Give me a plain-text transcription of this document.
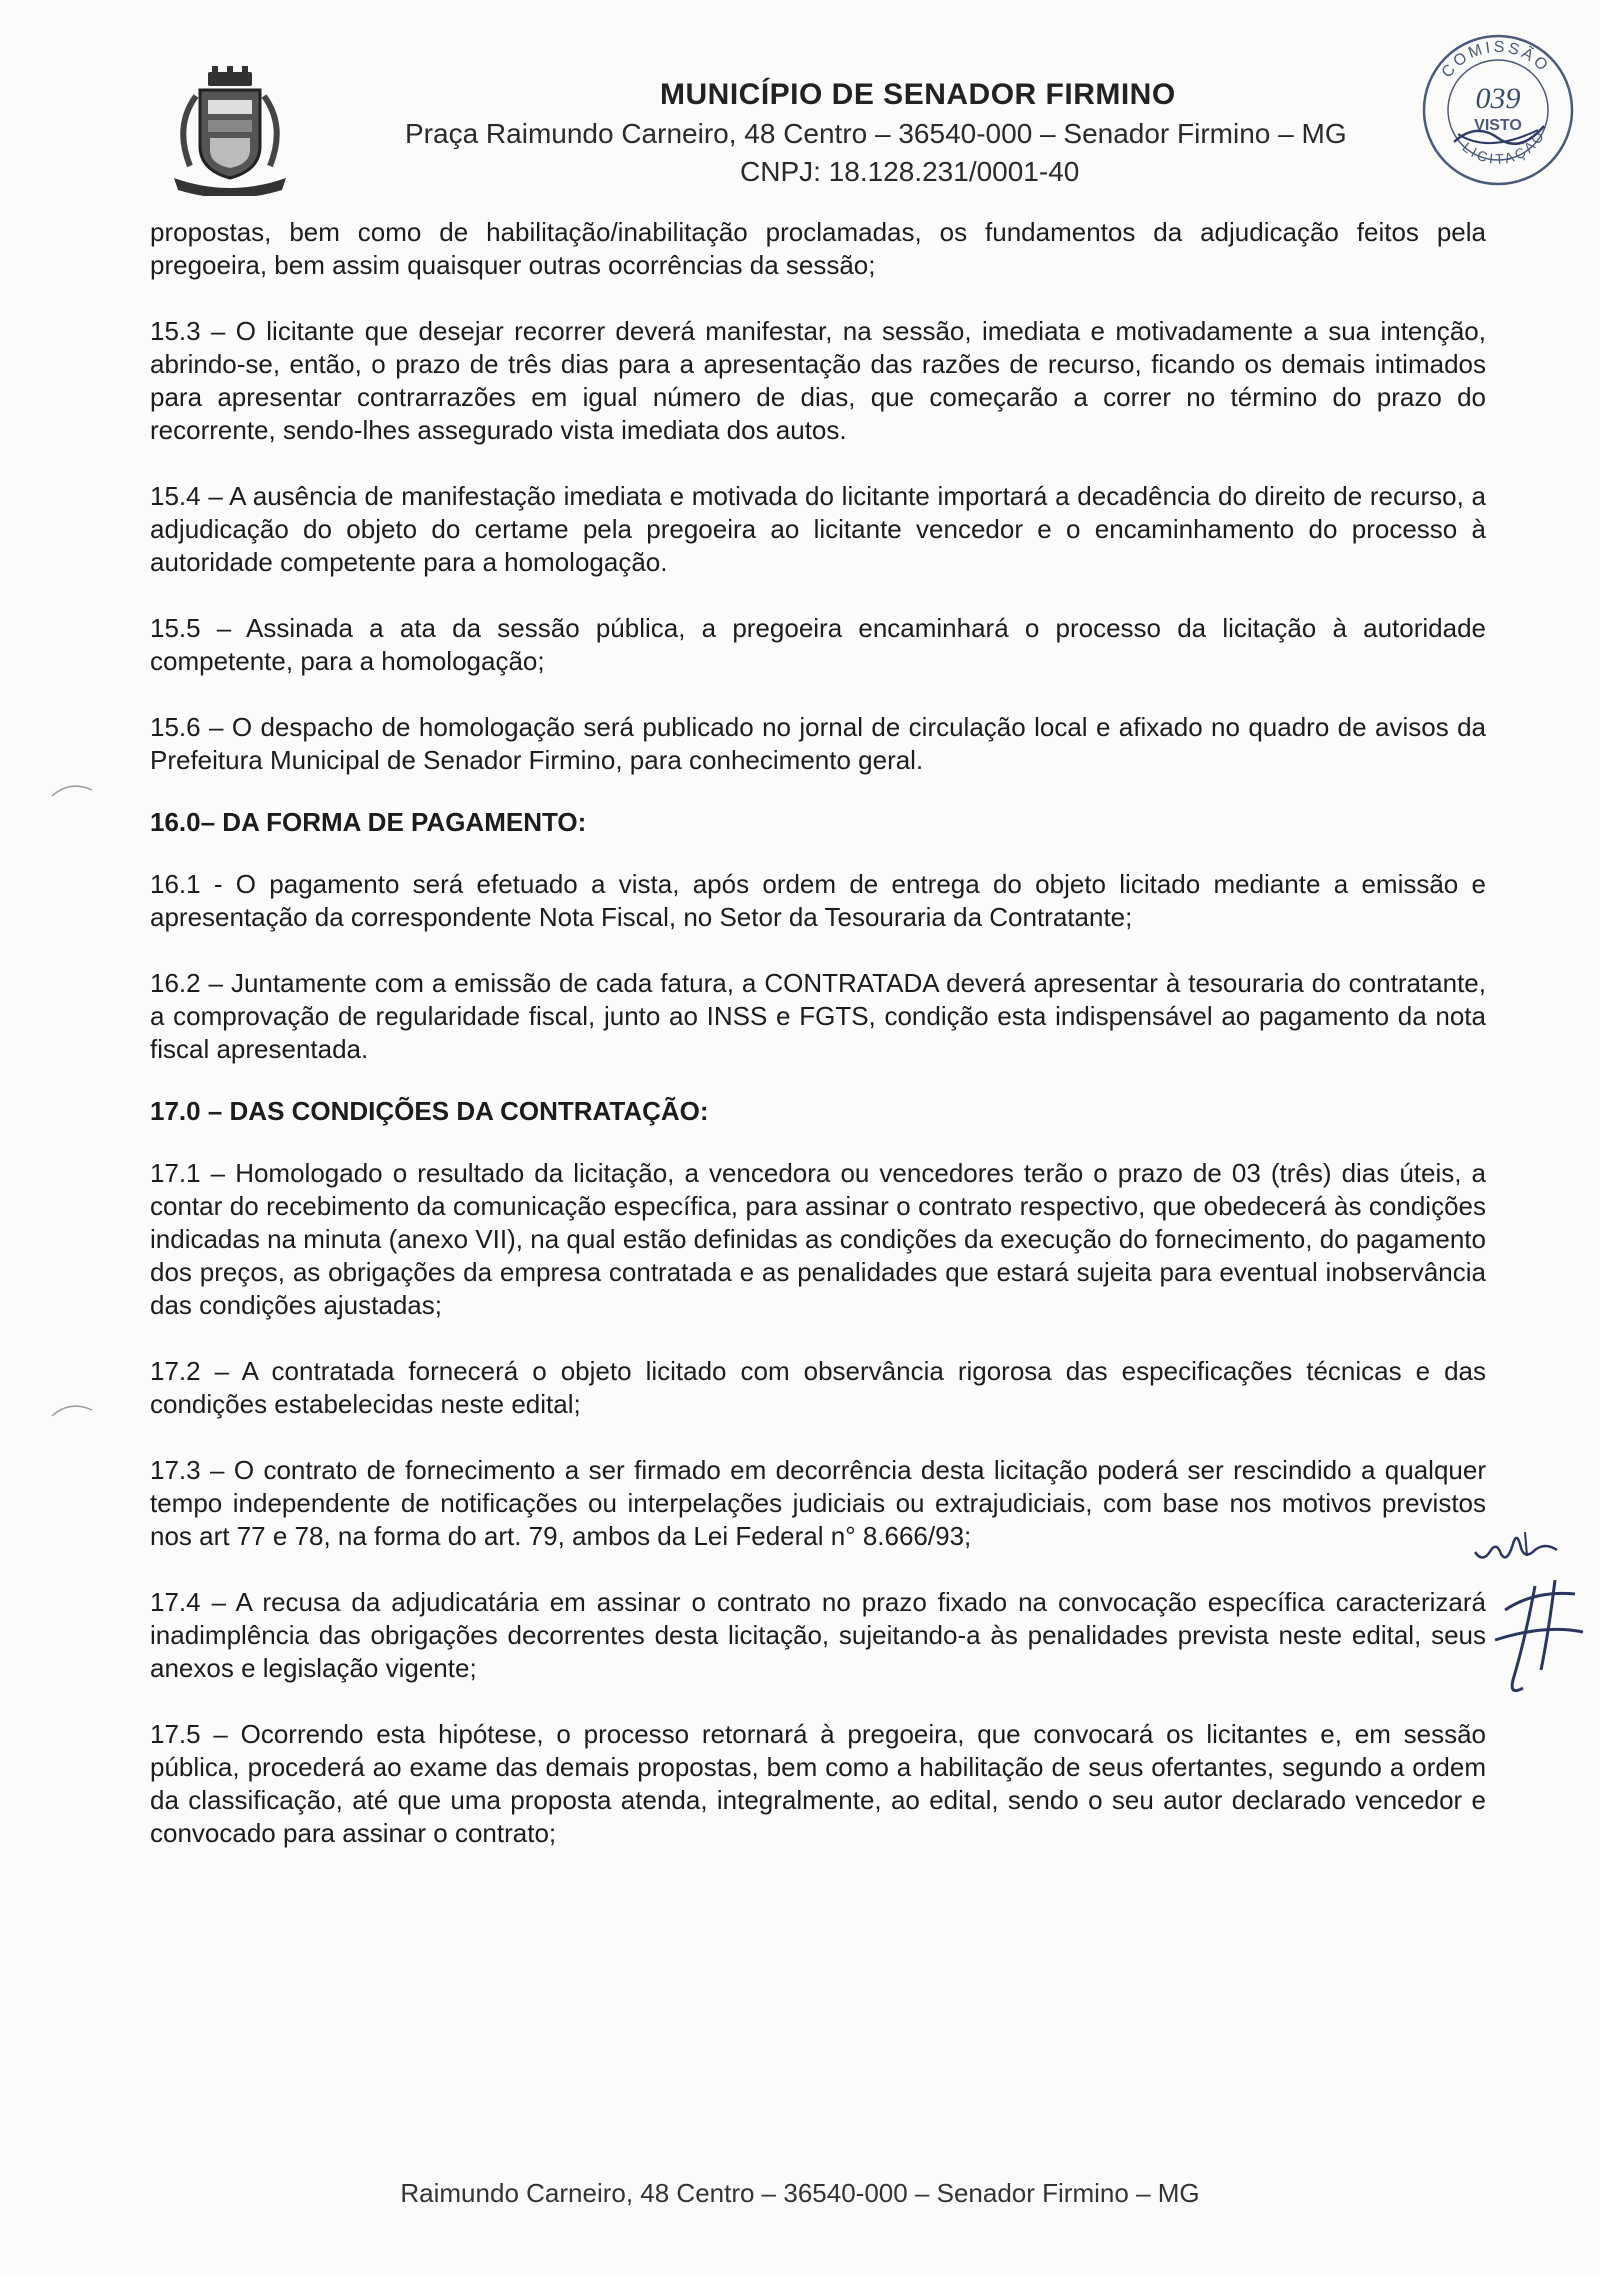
MUNICÍPIO DE SENADOR FIRMINO
Praça Raimundo Carneiro, 48 Centro – 36540-000 – Senador Firmino – MG
CNPJ: 18.128.231/0001-40
COMISSÃO
LICITAÇÃO
039
VISTO

propostas, bem como de habilitação/inabilitação proclamadas, os fundamentos da adjudicação feitos pela pregoeira, bem assim quaisquer outras ocorrências da sessão;

15.3 – O licitante que desejar recorrer deverá manifestar, na sessão, imediata e motivadamente a sua intenção, abrindo-se, então, o prazo de três dias para a apresentação das razões de recurso, ficando os demais intimados para apresentar contrarrazões em igual número de dias, que começarão a correr no término do prazo do recorrente, sendo-lhes assegurado vista imediata dos autos.

15.4 – A ausência de manifestação imediata e motivada do licitante importará a decadência do direito de recurso, a adjudicação do objeto do certame pela pregoeira ao licitante vencedor e o encaminhamento do processo à autoridade competente para a homologação.

15.5 – Assinada a ata da sessão pública, a pregoeira encaminhará o processo da licitação à autoridade competente, para a homologação;

15.6 – O despacho de homologação será publicado no jornal de circulação local e afixado no quadro de avisos da Prefeitura Municipal de Senador Firmino, para conhecimento geral.

16.0– DA FORMA DE PAGAMENTO:

16.1 - O pagamento será efetuado a vista, após ordem de entrega do objeto licitado mediante a emissão e apresentação da correspondente Nota Fiscal, no Setor da Tesouraria da Contratante;

16.2 – Juntamente com a emissão de cada fatura, a CONTRATADA deverá apresentar à tesouraria do contratante, a comprovação de regularidade fiscal, junto ao INSS e FGTS, condição esta indispensável ao pagamento da nota fiscal apresentada.

17.0 – DAS CONDIÇÕES DA CONTRATAÇÃO:

17.1 – Homologado o resultado da licitação, a vencedora ou vencedores terão o prazo de 03 (três) dias úteis, a contar do recebimento da comunicação específica, para assinar o contrato respectivo, que obedecerá às condições indicadas na minuta (anexo VII), na qual estão definidas as condições da execução do fornecimento, do pagamento dos preços, as obrigações da empresa contratada e as penalidades que estará sujeita para eventual inobservância das condições ajustadas;

17.2 – A contratada fornecerá o objeto licitado com observância rigorosa das especificações técnicas e das condições estabelecidas neste edital;

17.3 – O contrato de fornecimento a ser firmado em decorrência desta licitação poderá ser rescindido a qualquer tempo independente de notificações ou interpelações judiciais ou extrajudiciais, com base nos motivos previstos nos art 77 e 78, na forma do art. 79, ambos da Lei Federal n° 8.666/93;

17.4 – A recusa da adjudicatária em assinar o contrato no prazo fixado na convocação específica caracterizará inadimplência das obrigações decorrentes desta licitação, sujeitando-a às penalidades prevista neste edital, seus anexos e legislação vigente;

17.5 – Ocorrendo esta hipótese, o processo retornará à pregoeira, que convocará os licitantes e, em sessão pública, procederá ao exame das demais propostas, bem como a habilitação de seus ofertantes, segundo a ordem da classificação, até que uma proposta atenda, integralmente, ao edital, sendo o seu autor declarado vencedor e convocado para assinar o contrato;

Raimundo Carneiro, 48 Centro – 36540-000 – Senador Firmino – MG
